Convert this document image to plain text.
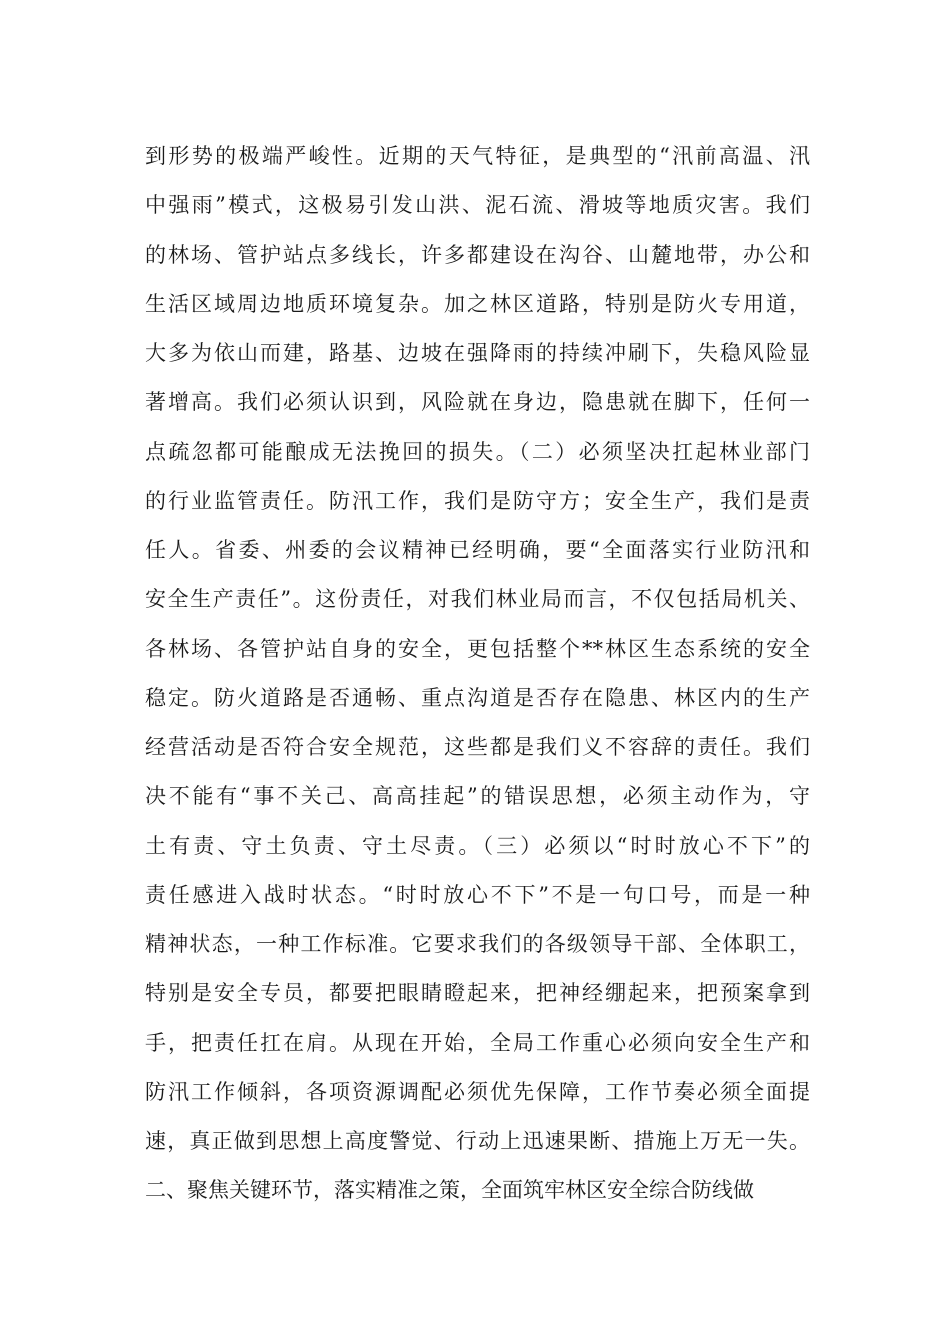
到形势的极端严峻性。近期的天气特征，是典型的“汛前高温、汛
中强雨”模式，这极易引发山洪、泥石流、滑坡等地质灾害。我们
的林场、管护站点多线长，许多都建设在沟谷、山麓地带，办公和
生活区域周边地质环境复杂。加之林区道路，特别是防火专用道，
大多为依山而建，路基、边坡在强降雨的持续冲刷下，失稳风险显
著增高。我们必须认识到，风险就在身边，隐患就在脚下，任何一
点疏忽都可能酿成无法挽回的损失。（二）必须坚决扛起林业部门
的行业监管责任。防汛工作，我们是防守方；安全生产，我们是责
任人。省委、州委的会议精神已经明确，要“全面落实行业防汛和
安全生产责任”。这份责任，对我们林业局而言，不仅包括局机关、
各林场、各管护站自身的安全，更包括整个**林区生态系统的安全
稳定。防火道路是否通畅、重点沟道是否存在隐患、林区内的生产
经营活动是否符合安全规范，这些都是我们义不容辞的责任。我们
决不能有“事不关己、高高挂起”的错误思想，必须主动作为，守
土有责、守土负责、守土尽责。（三）必须以“时时放心不下”的
责任感进入战时状态。“时时放心不下”不是一句口号，而是一种
精神状态，一种工作标准。它要求我们的各级领导干部、全体职工，
特别是安全专员，都要把眼睛瞪起来，把神经绷起来，把预案拿到
手，把责任扛在肩。从现在开始，全局工作重心必须向安全生产和
防汛工作倾斜，各项资源调配必须优先保障，工作节奏必须全面提
速，真正做到思想上高度警觉、行动上迅速果断、措施上万无一失。
二、聚焦关键环节，落实精准之策，全面筑牢林区安全综合防线做
